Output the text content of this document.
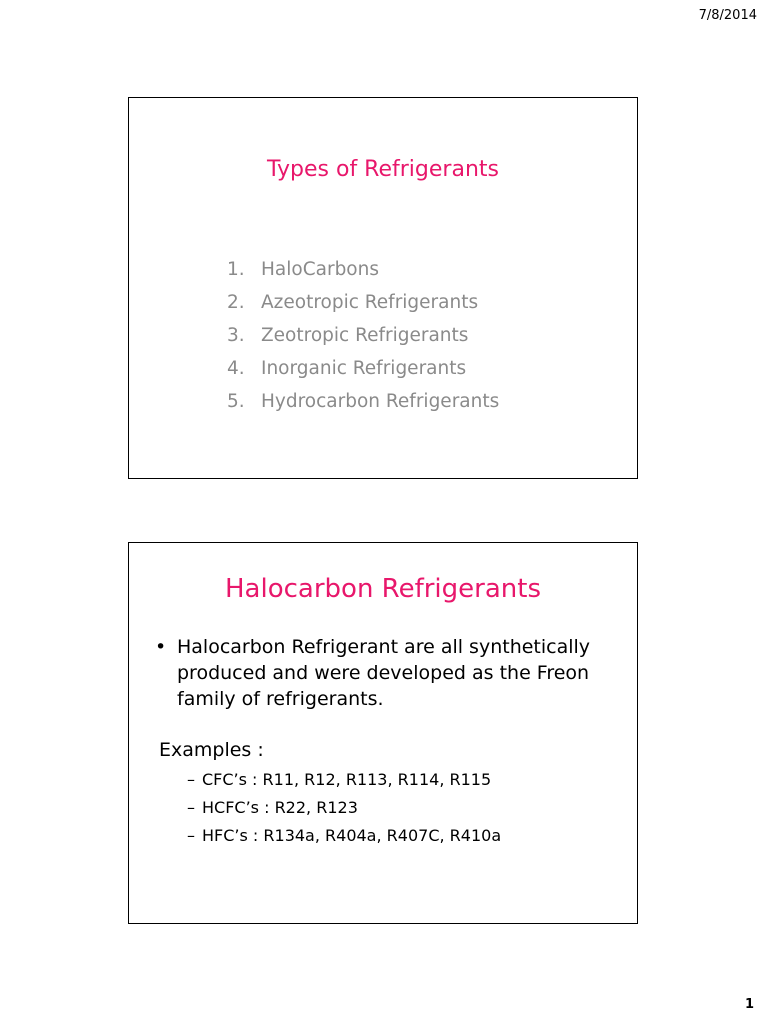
7/8/2014
Types of Refrigerants
1. HaloCarbons
2. Azeotropic Refrigerants
3. Zeotropic Refrigerants
4. Inorganic Refrigerants
5. Hydrocarbon Refrigerants
Halocarbon Refrigerants
• Halocarbon Refrigerant are all synthetically produced and were developed as the Freon family of refrigerants.
Examples :
– CFC’s : R11, R12, R113, R114, R115
– HCFC’s : R22, R123
– HFC’s : R134a, R404a, R407C, R410a
1
